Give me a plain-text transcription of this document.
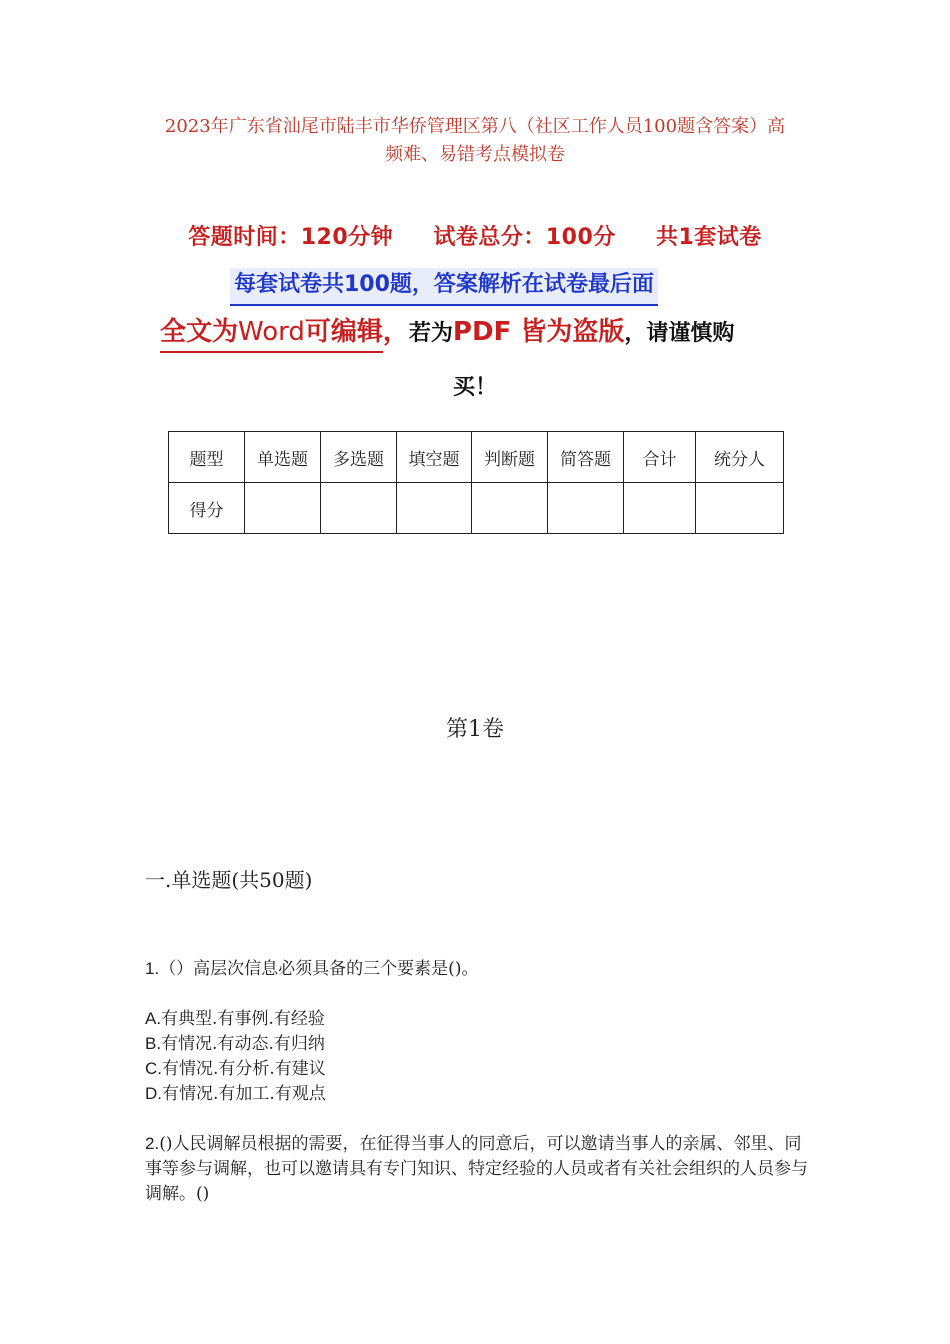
2023年广东省汕尾市陆丰市华侨管理区第八（社区工作人员100题含答案）高
频难、易错考点模拟卷
答题时间：120分钟 试卷总分：100分 共1套试卷
每套试卷共100题，答案解析在试卷最后面
全文为Word可编辑，若为PDF 皆为盗版，请谨慎购
买！
题型	单选题	多选题	填空题	判断题	简答题	合计	统分人
得分							
第1卷
一.单选题(共50题)
1.（）高层次信息必须具备的三个要素是()。
A.有典型.有事例.有经验
B.有情况.有动态.有归纳
C.有情况.有分析.有建议
D.有情况.有加工.有观点
2.()人民调解员根据的需要，在征得当事人的同意后，可以邀请当事人的亲属、邻里、同事等参与调解，也可以邀请具有专门知识、特定经验的人员或者有关社会组织的人员参与调解。()
